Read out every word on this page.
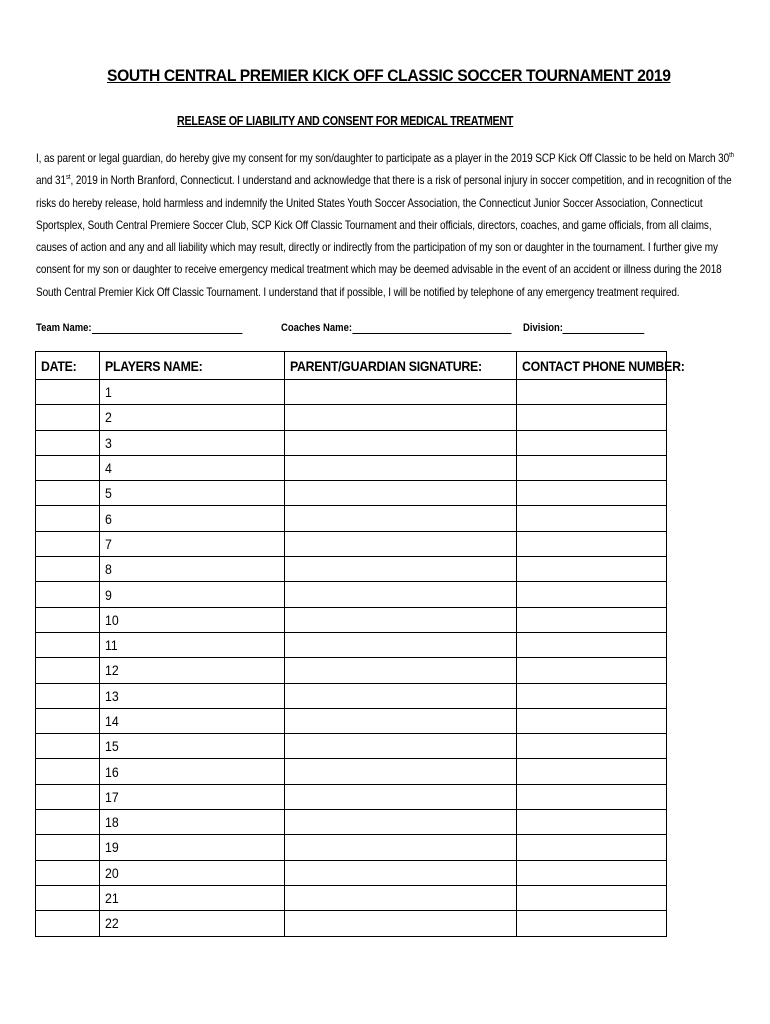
SOUTH CENTRAL PREMIER KICK OFF CLASSIC SOCCER TOURNAMENT 2019
RELEASE OF LIABILITY AND CONSENT FOR MEDICAL TREATMENT
I, as parent or legal guardian, do hereby give my consent for my son/daughter to participate as a player in the 2019 SCP Kick Off Classic to be held on March 30th and 31st, 2019 in North Branford, Connecticut. I understand and acknowledge that there is a risk of personal injury in soccer competition, and in recognition of the risks do hereby release, hold harmless and indemnify the United States Youth Soccer Association, the Connecticut Junior Soccer Association, Connecticut Sportsplex, South Central Premiere Soccer Club, SCP Kick Off Classic Tournament and their officials, directors, coaches, and game officials, from all claims, causes of action and any and all liability which may result, directly or indirectly from the participation of my son or daughter in the tournament. I further give my consent for my son or daughter to receive emergency medical treatment which may be deemed advisable in the event of an accident or illness during the 2018 South Central Premier Kick Off Classic Tournament. I understand that if possible, I will be notified by telephone of any emergency treatment required.
Team Name:	Coaches Name:	Division:
DATE:	PLAYERS NAME:	PARENT/GUARDIAN SIGNATURE:	CONTACT PHONE NUMBER:
	1		
	2		
	3		
	4		
	5		
	6		
	7		
	8		
	9		
	10		
	11		
	12		
	13		
	14		
	15		
	16		
	17		
	18		
	19		
	20		
	21		
	22		
